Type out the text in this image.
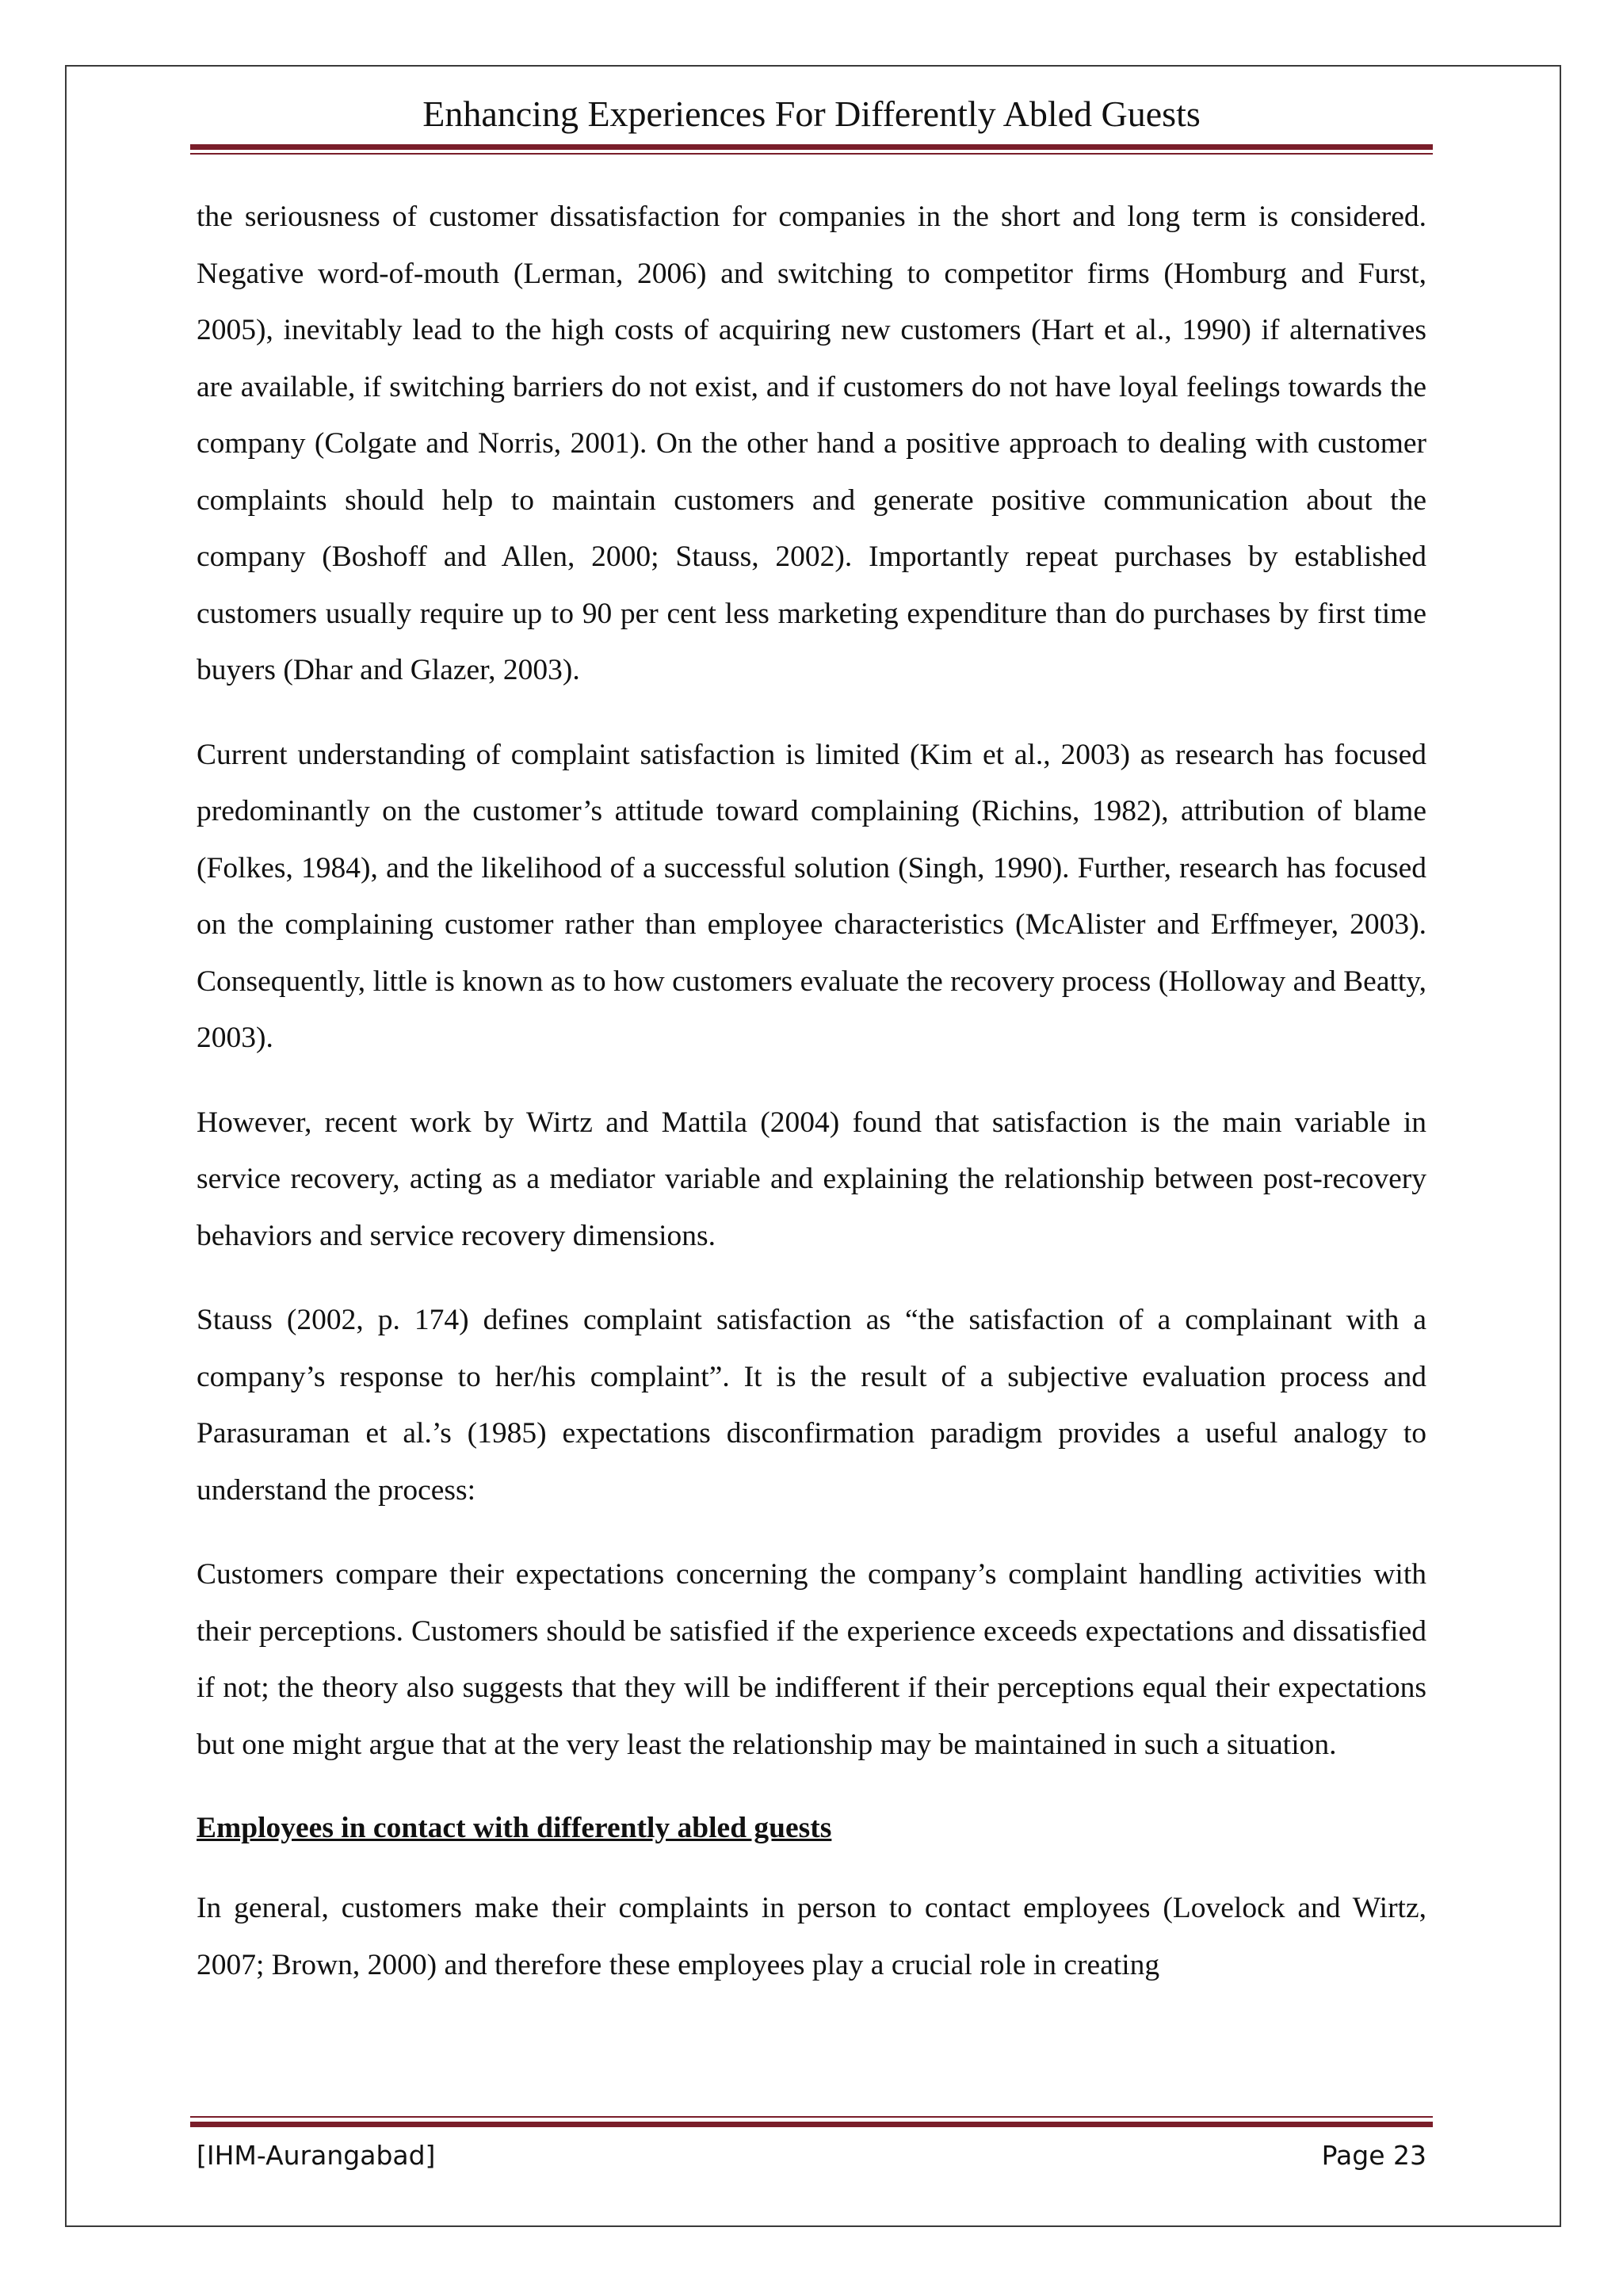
Enhancing Experiences For Differently Abled Guests

the seriousness of customer dissatisfaction for companies in the short and long term is considered. Negative word-of-mouth (Lerman, 2006) and switching to competitor firms (Homburg and Furst, 2005), inevitably lead to the high costs of acquiring new customers (Hart et al., 1990) if alternatives are available, if switching barriers do not exist, and if customers do not have loyal feelings towards the company (Colgate and Norris, 2001). On the other hand a positive approach to dealing with customer complaints should help to maintain customers and generate positive communication about the company (Boshoff and Allen, 2000; Stauss, 2002). Importantly repeat purchases by established customers usually require up to 90 per cent less marketing expenditure than do purchases by first time buyers (Dhar and Glazer, 2003).

Current understanding of complaint satisfaction is limited (Kim et al., 2003) as research has focused predominantly on the customer’s attitude toward complaining (Richins, 1982), attribution of blame (Folkes, 1984), and the likelihood of a successful solution (Singh, 1990). Further, research has focused on the complaining customer rather than employee characteristics (McAlister and Erffmeyer, 2003). Consequently, little is known as to how customers evaluate the recovery process (Holloway and Beatty, 2003).

However, recent work by Wirtz and Mattila (2004) found that satisfaction is the main variable in service recovery, acting as a mediator variable and explaining the relationship between post-recovery behaviors and service recovery dimensions.

Stauss (2002, p. 174) defines complaint satisfaction as “the satisfaction of a complainant with a company’s response to her/his complaint”. It is the result of a subjective evaluation process and Parasuraman et al.’s (1985) expectations disconfirmation paradigm provides a useful analogy to understand the process:

Customers compare their expectations concerning the company’s complaint handling activities with their perceptions. Customers should be satisfied if the experience exceeds expectations and dissatisfied if not; the theory also suggests that they will be indifferent if their perceptions equal their expectations but one might argue that at the very least the relationship may be maintained in such a situation.

Employees in contact with differently abled guests

In general, customers make their complaints in person to contact employees (Lovelock and Wirtz, 2007; Brown, 2000) and therefore these employees play a crucial role in creating

[IHM-Aurangabad]	Page 23
